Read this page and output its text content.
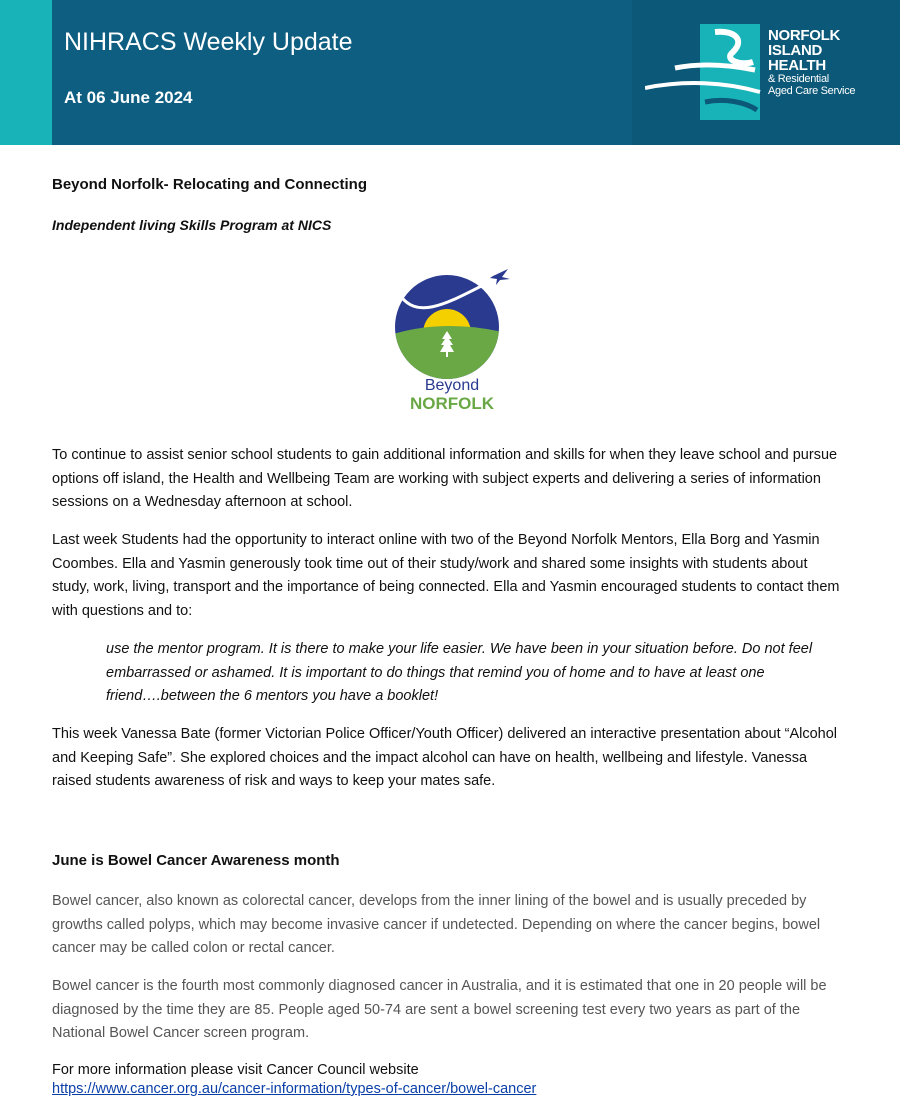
NIHRACS Weekly Update
At 06 June 2024
NORFOLK
ISLAND
HEALTH
& Residential
Aged Care Service
Beyond Norfolk- Relocating and Connecting
Independent living Skills Program at NICS
Beyond
NORFOLK
To continue to assist senior school students to gain additional information and skills for when they leave school and pursue options off island, the Health and Wellbeing Team are working with subject experts and delivering a series of information sessions on a Wednesday afternoon at school.
Last week Students had the opportunity to interact online with two of the Beyond Norfolk Mentors, Ella Borg and Yasmin Coombes. Ella and Yasmin generously took time out of their study/work and shared some insights with students about study, work, living, transport and the importance of being connected. Ella and Yasmin encouraged students to contact them with questions and to:
use the mentor program. It is there to make your life easier. We have been in your situation before. Do not feel embarrassed or ashamed. It is important to do things that remind you of home and to have at least one friend….between the 6 mentors you have a booklet!
This week Vanessa Bate (former Victorian Police Officer/Youth Officer) delivered an interactive presentation about “Alcohol and Keeping Safe”. She explored choices and the impact alcohol can have on health, wellbeing and lifestyle. Vanessa raised students awareness of risk and ways to keep your mates safe.
June is Bowel Cancer Awareness month
Bowel cancer, also known as colorectal cancer, develops from the inner lining of the bowel and is usually preceded by growths called polyps, which may become invasive cancer if undetected. Depending on where the cancer begins, bowel cancer may be called colon or rectal cancer.
Bowel cancer is the fourth most commonly diagnosed cancer in Australia, and it is estimated that one in 20 people will be diagnosed by the time they are 85. People aged 50-74 are sent a bowel screening test every two years as part of the National Bowel Cancer screen program.
For more information please visit Cancer Council website
https://www.cancer.org.au/cancer-information/types-of-cancer/bowel-cancer
